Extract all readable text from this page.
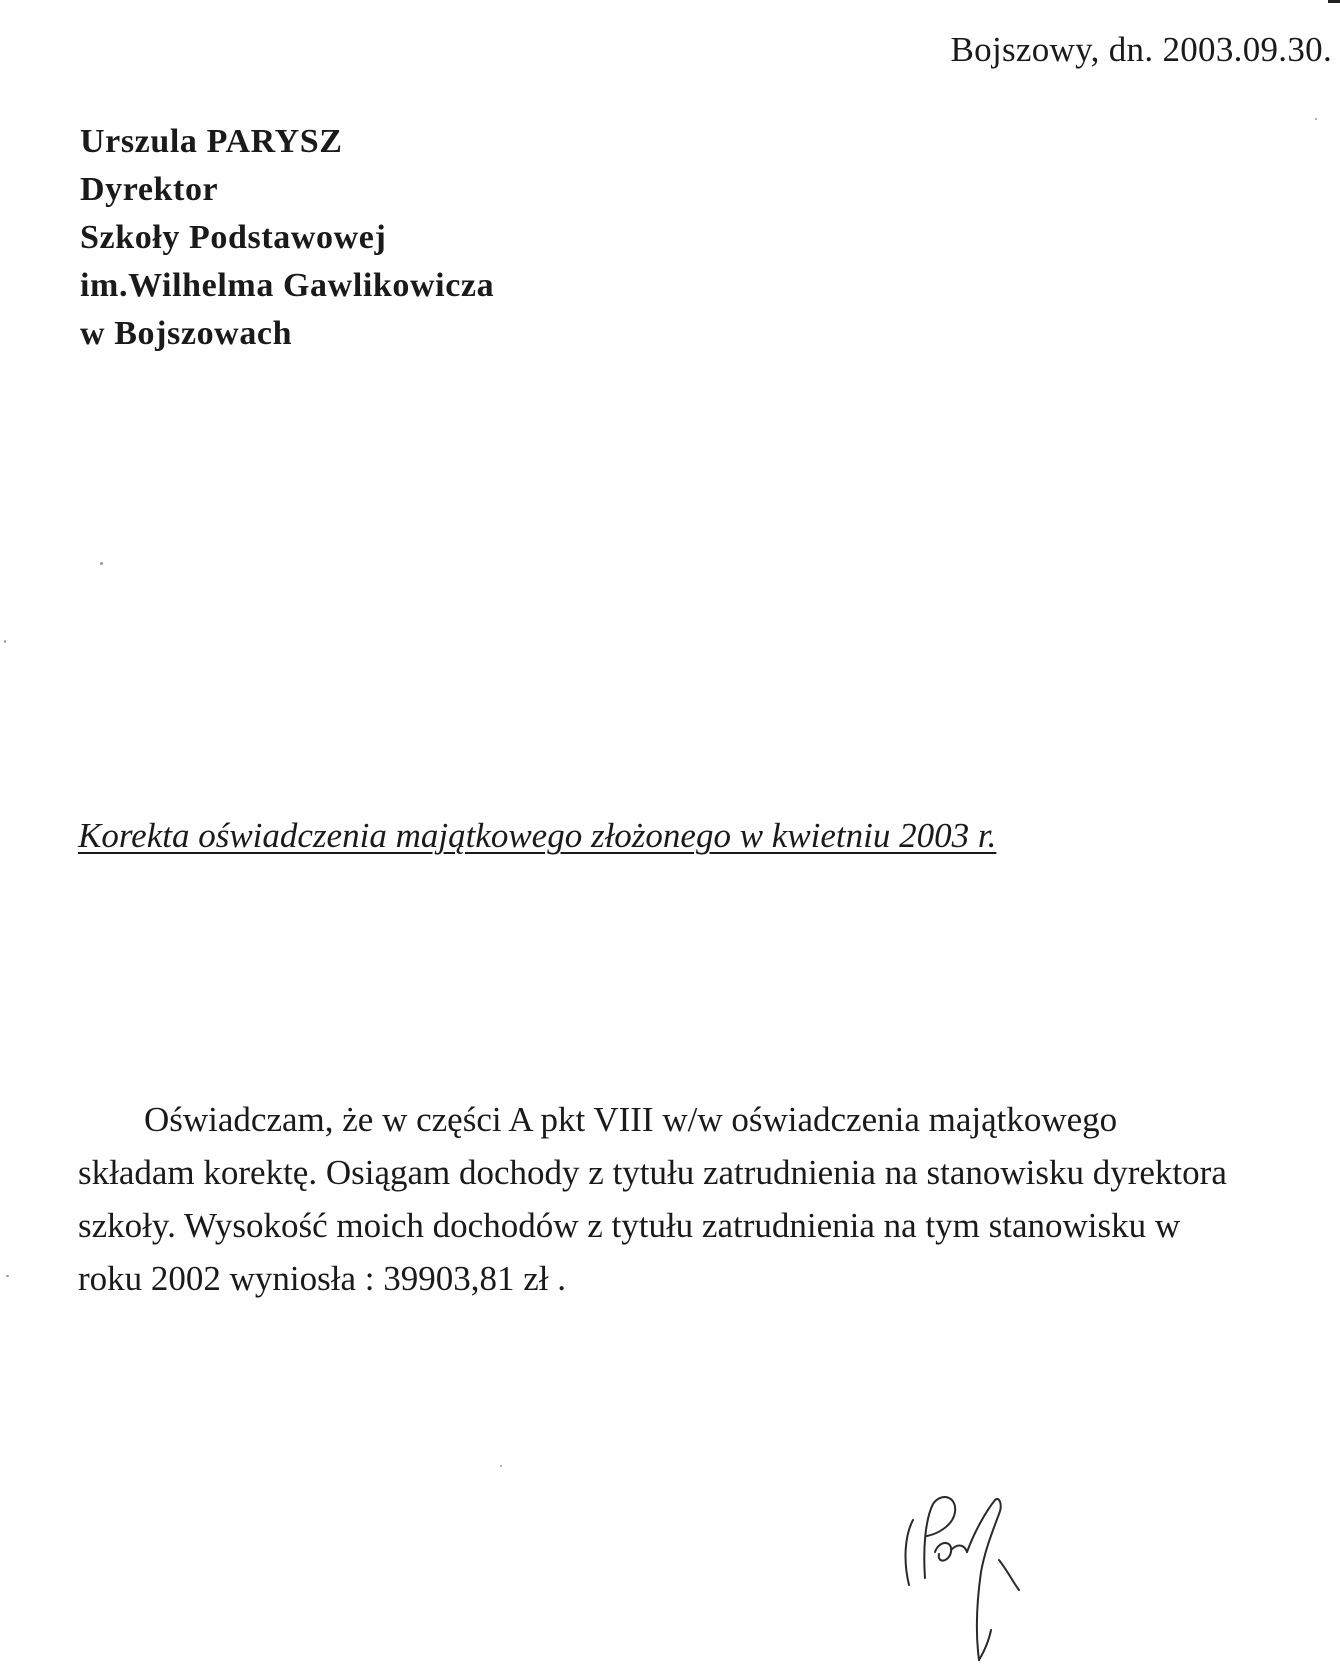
Bojszowy, dn. 2003.09.30.
Urszula PARYSZ
Dyrektor
Szkoły Podstawowej
im.Wilhelma Gawlikowicza
w Bojszowach
Korekta oświadczenia majątkowego złożonego w kwietniu 2003 r.
Oświadczam, że w części A pkt VIII w/w oświadczenia majątkowego
składam korektę. Osiągam dochody z tytułu zatrudnienia na stanowisku dyrektora
szkoły. Wysokość moich dochodów z tytułu zatrudnienia na tym stanowisku w
roku 2002 wyniosła : 39903,81 zł .
